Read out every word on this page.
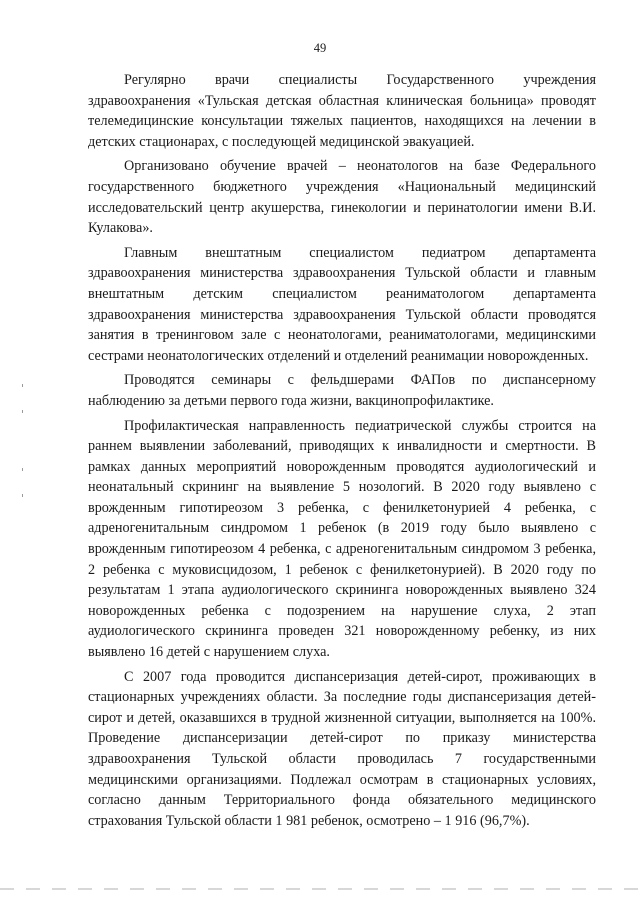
49

Регулярно врачи специалисты Государственного учреждения здравоохранения «Тульская детская областная клиническая больница» проводят телемедицинские консультации тяжелых пациентов, находящихся на лечении в детских стационарах, с последующей медицинской эвакуацией.

Организовано обучение врачей – неонатологов на базе Федерального государственного бюджетного учреждения «Национальный медицинский исследовательский центр акушерства, гинекологии и перинатологии имени В.И. Кулакова».

Главным внештатным специалистом педиатром департамента здравоохранения министерства здравоохранения Тульской области и главным внештатным детским специалистом реаниматологом департамента здравоохранения министерства здравоохранения Тульской области проводятся занятия в тренинговом зале с неонатологами, реаниматологами, медицинскими сестрами неонатологических отделений и отделений реанимации новорожденных.

Проводятся семинары с фельдшерами ФАПов по диспансерному наблюдению за детьми первого года жизни, вакцинопрофилактике.

Профилактическая направленность педиатрической службы строится на раннем выявлении заболеваний, приводящих к инвалидности и смертности. В рамках данных мероприятий новорожденным проводятся аудиологический и неонатальный скрининг на выявление 5 нозологий. В 2020 году выявлено с врожденным гипотиреозом 3 ребенка, с фенилкетонурией 4 ребенка, с адреногенитальным синдромом 1 ребенок (в 2019 году было выявлено с врожденным гипотиреозом 4 ребенка, с адреногенитальным синдромом 3 ребенка, 2 ребенка с муковисцидозом, 1 ребенок с фенилкетонурией). В 2020 году по результатам 1 этапа аудиологического скрининга новорожденных выявлено 324 новорожденных ребенка с подозрением на нарушение слуха, 2 этап аудиологического скрининга проведен 321 новорожденному ребенку, из них выявлено 16 детей с нарушением слуха.

С 2007 года проводится диспансеризация детей-сирот, проживающих в стационарных учреждениях области. За последние годы диспансеризация детей-сирот и детей, оказавшихся в трудной жизненной ситуации, выполняется на 100%. Проведение диспансеризации детей-сирот по приказу министерства здравоохранения Тульской области проводилась 7 государственными медицинскими организациями. Подлежал осмотрам в стационарных условиях, согласно данным Территориального фонда обязательного медицинского страхования Тульской области 1 981 ребенок, осмотрено – 1 916 (96,7%).
